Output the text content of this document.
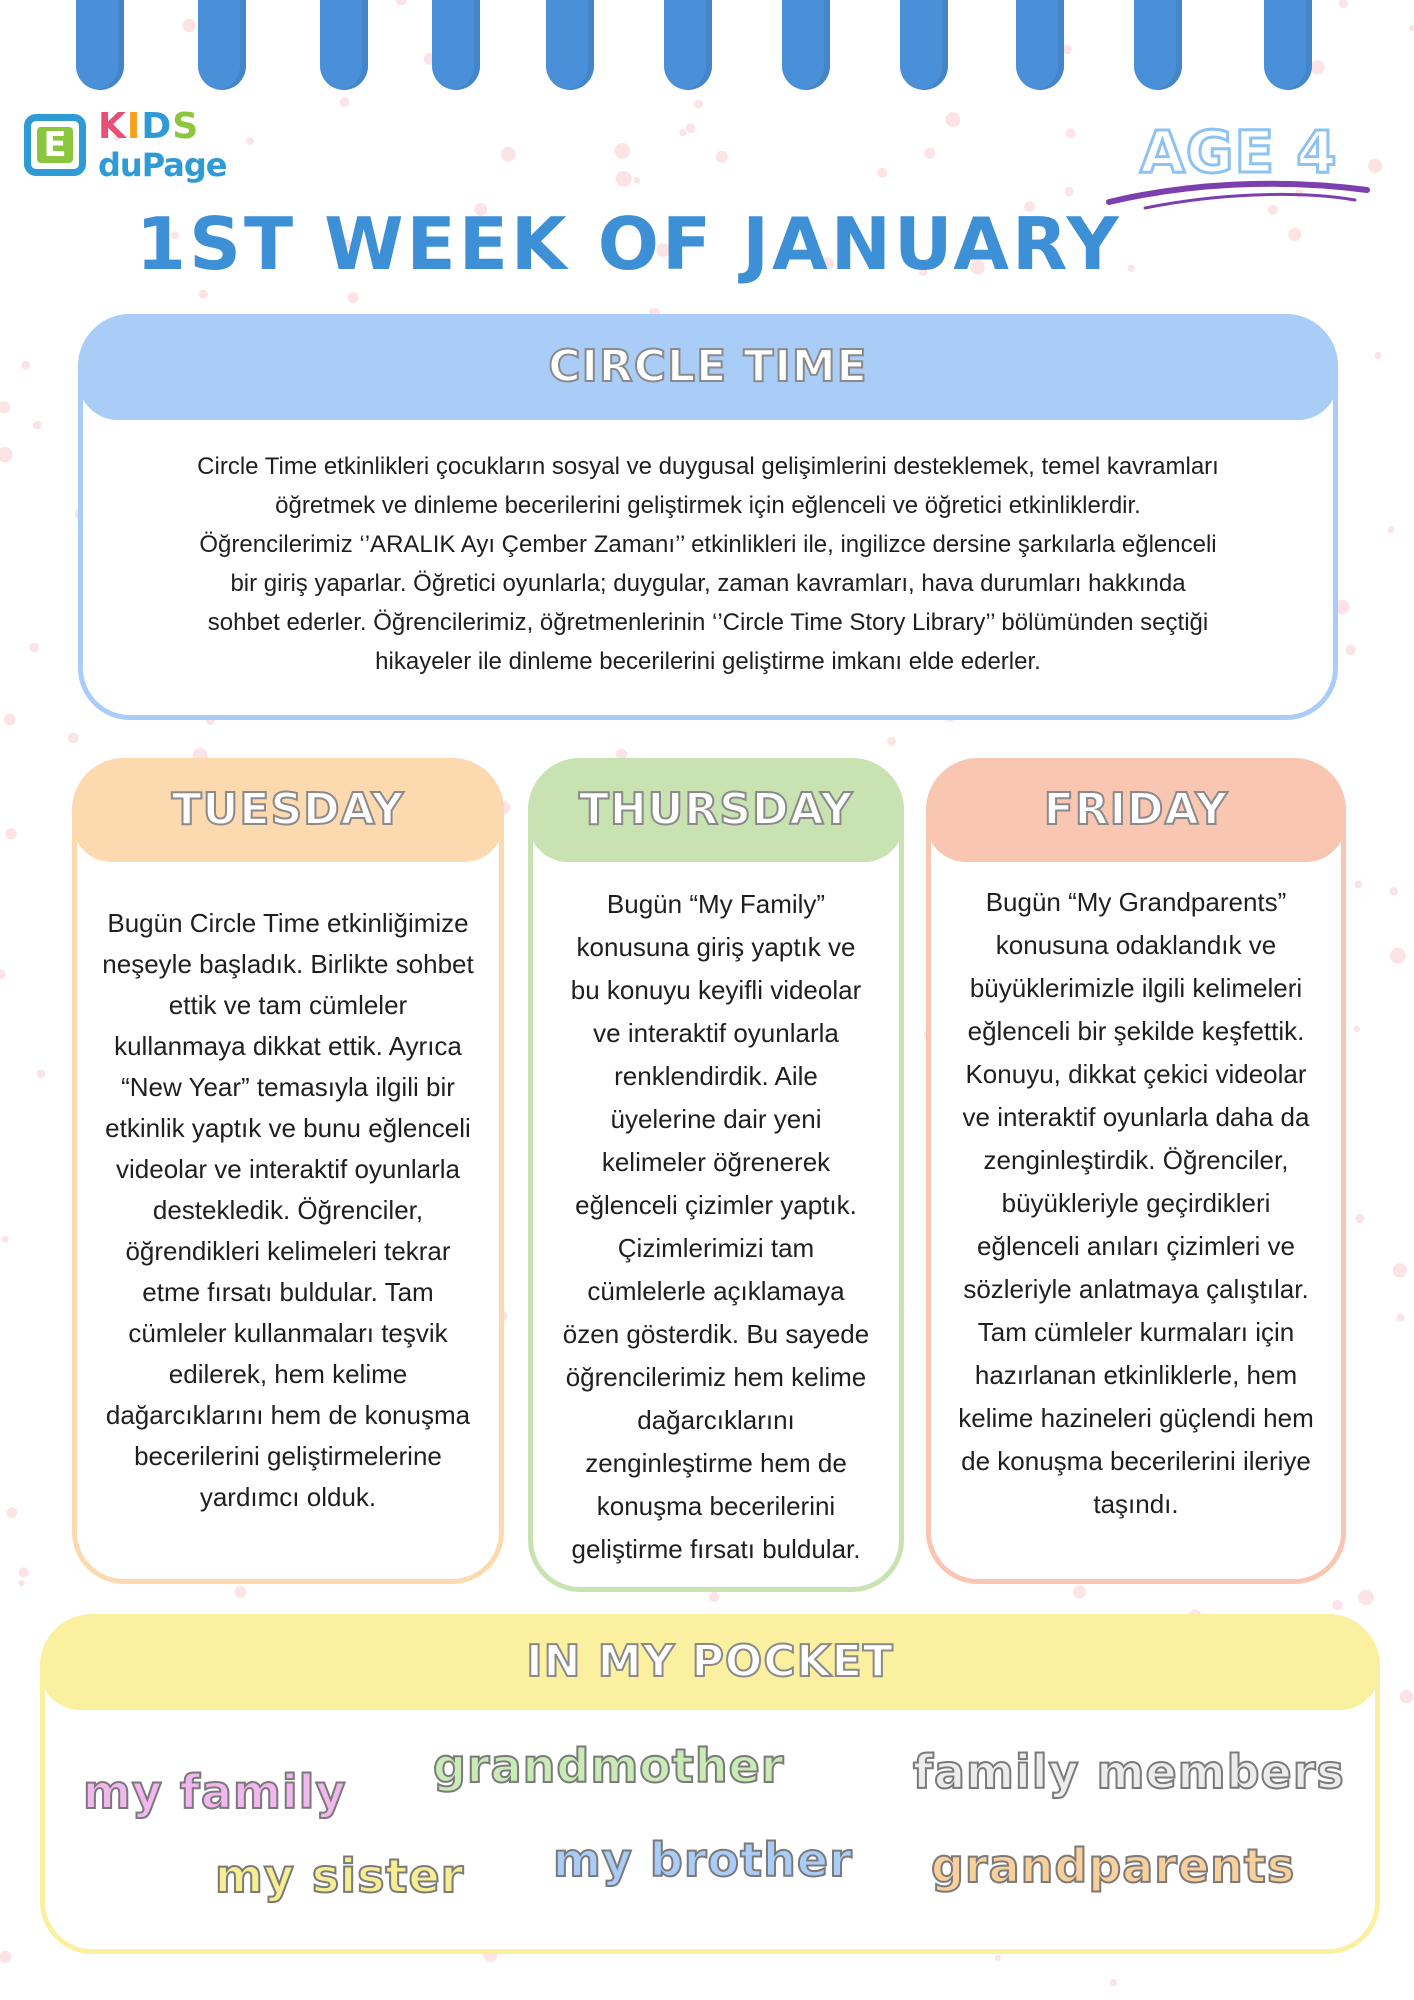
E KIDS
duPage	AGE 4
1ST WEEK OF JANUARY
CIRCLE TIME
Circle Time etkinlikleri çocukların sosyal ve duygusal gelişimlerini desteklemek, temel kavramları
öğretmek ve dinleme becerilerini geliştirmek için eğlenceli ve öğretici etkinliklerdir.
Öğrencilerimiz ‘’ARALIK Ayı Çember Zamanı’’ etkinlikleri ile, ingilizce dersine şarkılarla eğlenceli
bir giriş yaparlar. Öğretici oyunlarla; duygular, zaman kavramları, hava durumları hakkında
sohbet ederler. Öğrencilerimiz, öğretmenlerinin ‘’Circle Time Story Library’’ bölümünden seçtiği
hikayeler ile dinleme becerilerini geliştirme imkanı elde ederler.
TUESDAY
Bugün Circle Time etkinliğimize
neşeyle başladık. Birlikte sohbet
ettik ve tam cümleler
kullanmaya dikkat ettik. Ayrıca
“New Year” temasıyla ilgili bir
etkinlik yaptık ve bunu eğlenceli
videolar ve interaktif oyunlarla
destekledik. Öğrenciler,
öğrendikleri kelimeleri tekrar
etme fırsatı buldular. Tam
cümleler kullanmaları teşvik
edilerek, hem kelime
dağarcıklarını hem de konuşma
becerilerini geliştirmelerine
yardımcı olduk.
THURSDAY
Bugün “My Family”
konusuna giriş yaptık ve
bu konuyu keyifli videolar
ve interaktif oyunlarla
renklendirdik. Aile
üyelerine dair yeni
kelimeler öğrenerek
eğlenceli çizimler yaptık.
Çizimlerimizi tam
cümlelerle açıklamaya
özen gösterdik. Bu sayede
öğrencilerimiz hem kelime
dağarcıklarını
zenginleştirme hem de
konuşma becerilerini
geliştirme fırsatı buldular.
FRIDAY
Bugün “My Grandparents”
konusuna odaklandık ve
büyüklerimizle ilgili kelimeleri
eğlenceli bir şekilde keşfettik.
Konuyu, dikkat çekici videolar
ve interaktif oyunlarla daha da
zenginleştirdik. Öğrenciler,
büyükleriyle geçirdikleri
eğlenceli anıları çizimleri ve
sözleriyle anlatmaya çalıştılar.
Tam cümleler kurmaları için
hazırlanan etkinliklerle, hem
kelime hazineleri güçlendi hem
de konuşma becerilerini ileriye
taşındı.
IN MY POCKET
my family grandmother	family members
my sister my brother grandparents
